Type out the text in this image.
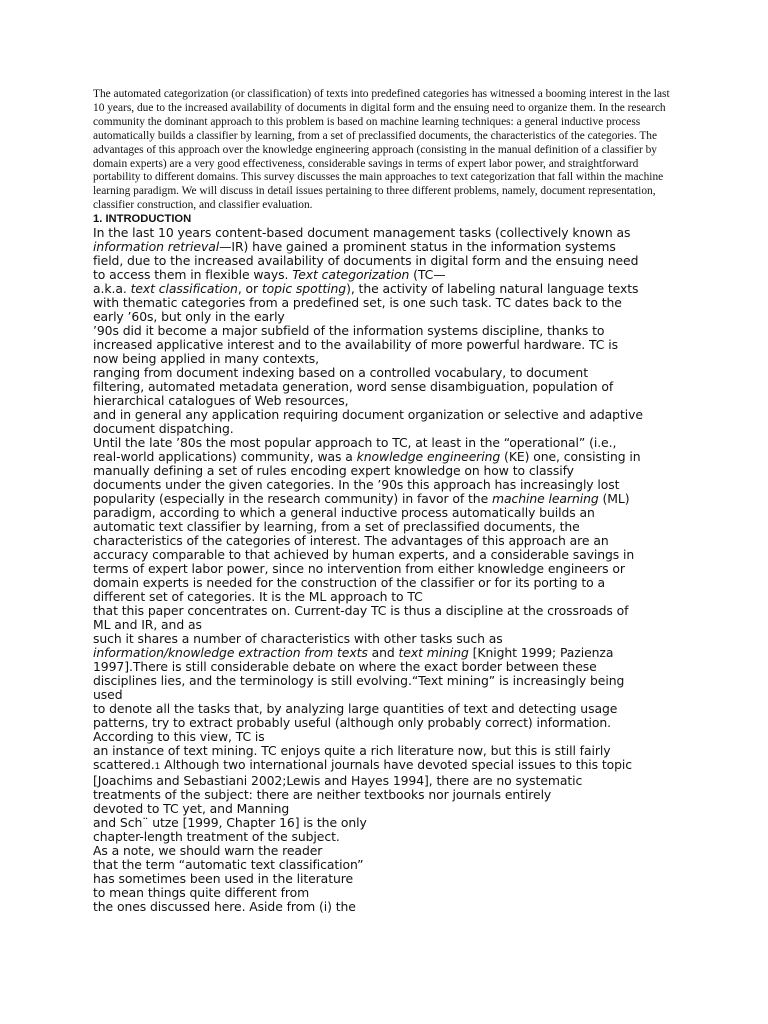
The automated categorization (or classification) of texts into predefined categories has witnessed a booming interest in the last 10 years, due to the increased availability of documents in digital form and the ensuing need to organize them. In the research community the dominant approach to this problem is based on machine learning techniques: a general inductive process automatically builds a classifier by learning, from a set of preclassified documents, the characteristics of the categories. The advantages of this approach over the knowledge engineering approach (consisting in the manual definition of a classifier by domain experts) are a very good effectiveness, considerable savings in terms of expert labor power, and straightforward portability to different domains. This survey discusses the main approaches to text categorization that fall within the machine learning paradigm. We will discuss in detail issues pertaining to three different problems, namely, document representation, classifier construction, and classifier evaluation.

1. INTRODUCTION

In the last 10 years content-based document management tasks (collectively known as
information retrieval—IR) have gained a prominent status in the information systems
field, due to the increased availability of documents in digital form and the ensuing need
to access them in flexible ways. Text categorization (TC—
a.k.a. text classification, or topic spotting), the activity of labeling natural language texts
with thematic categories from a predefined set, is one such task. TC dates back to the
early ’60s, but only in the early
’90s did it become a major subfield of the information systems discipline, thanks to
increased applicative interest and to the availability of more powerful hardware. TC is
now being applied in many contexts,
ranging from document indexing based on a controlled vocabulary, to document
filtering, automated metadata generation, word sense disambiguation, population of
hierarchical catalogues of Web resources,
and in general any application requiring document organization or selective and adaptive
document dispatching.
Until the late ’80s the most popular approach to TC, at least in the “operational” (i.e.,
real-world applications) community, was a knowledge engineering (KE) one, consisting in
manually defining a set of rules encoding expert knowledge on how to classify
documents under the given categories. In the ’90s this approach has increasingly lost
popularity (especially in the research community) in favor of the machine learning (ML)
paradigm, according to which a general inductive process automatically builds an
automatic text classifier by learning, from a set of preclassified documents, the
characteristics of the categories of interest. The advantages of this approach are an
accuracy comparable to that achieved by human experts, and a considerable savings in
terms of expert labor power, since no intervention from either knowledge engineers or
domain experts is needed for the construction of the classifier or for its porting to a
different set of categories. It is the ML approach to TC
that this paper concentrates on. Current-day TC is thus a discipline at the crossroads of
ML and IR, and as
such it shares a number of characteristics with other tasks such as
information/knowledge extraction from texts and text mining [Knight 1999; Pazienza
1997].There is still considerable debate on where the exact border between these
disciplines lies, and the terminology is still evolving.“Text mining” is increasingly being
used
to denote all the tasks that, by analyzing large quantities of text and detecting usage
patterns, try to extract probably useful (although only probably correct) information.
According to this view, TC is
an instance of text mining. TC enjoys quite a rich literature now, but this is still fairly
scattered.1 Although two international journals have devoted special issues to this topic
[Joachims and Sebastiani 2002;Lewis and Hayes 1994], there are no systematic
treatments of the subject: there are neither textbooks nor journals entirely
devoted to TC yet, and Manning
and Sch¨ utze [1999, Chapter 16] is the only
chapter-length treatment of the subject.
As a note, we should warn the reader
that the term “automatic text classification”
has sometimes been used in the literature
to mean things quite different from
the ones discussed here. Aside from (i) the
